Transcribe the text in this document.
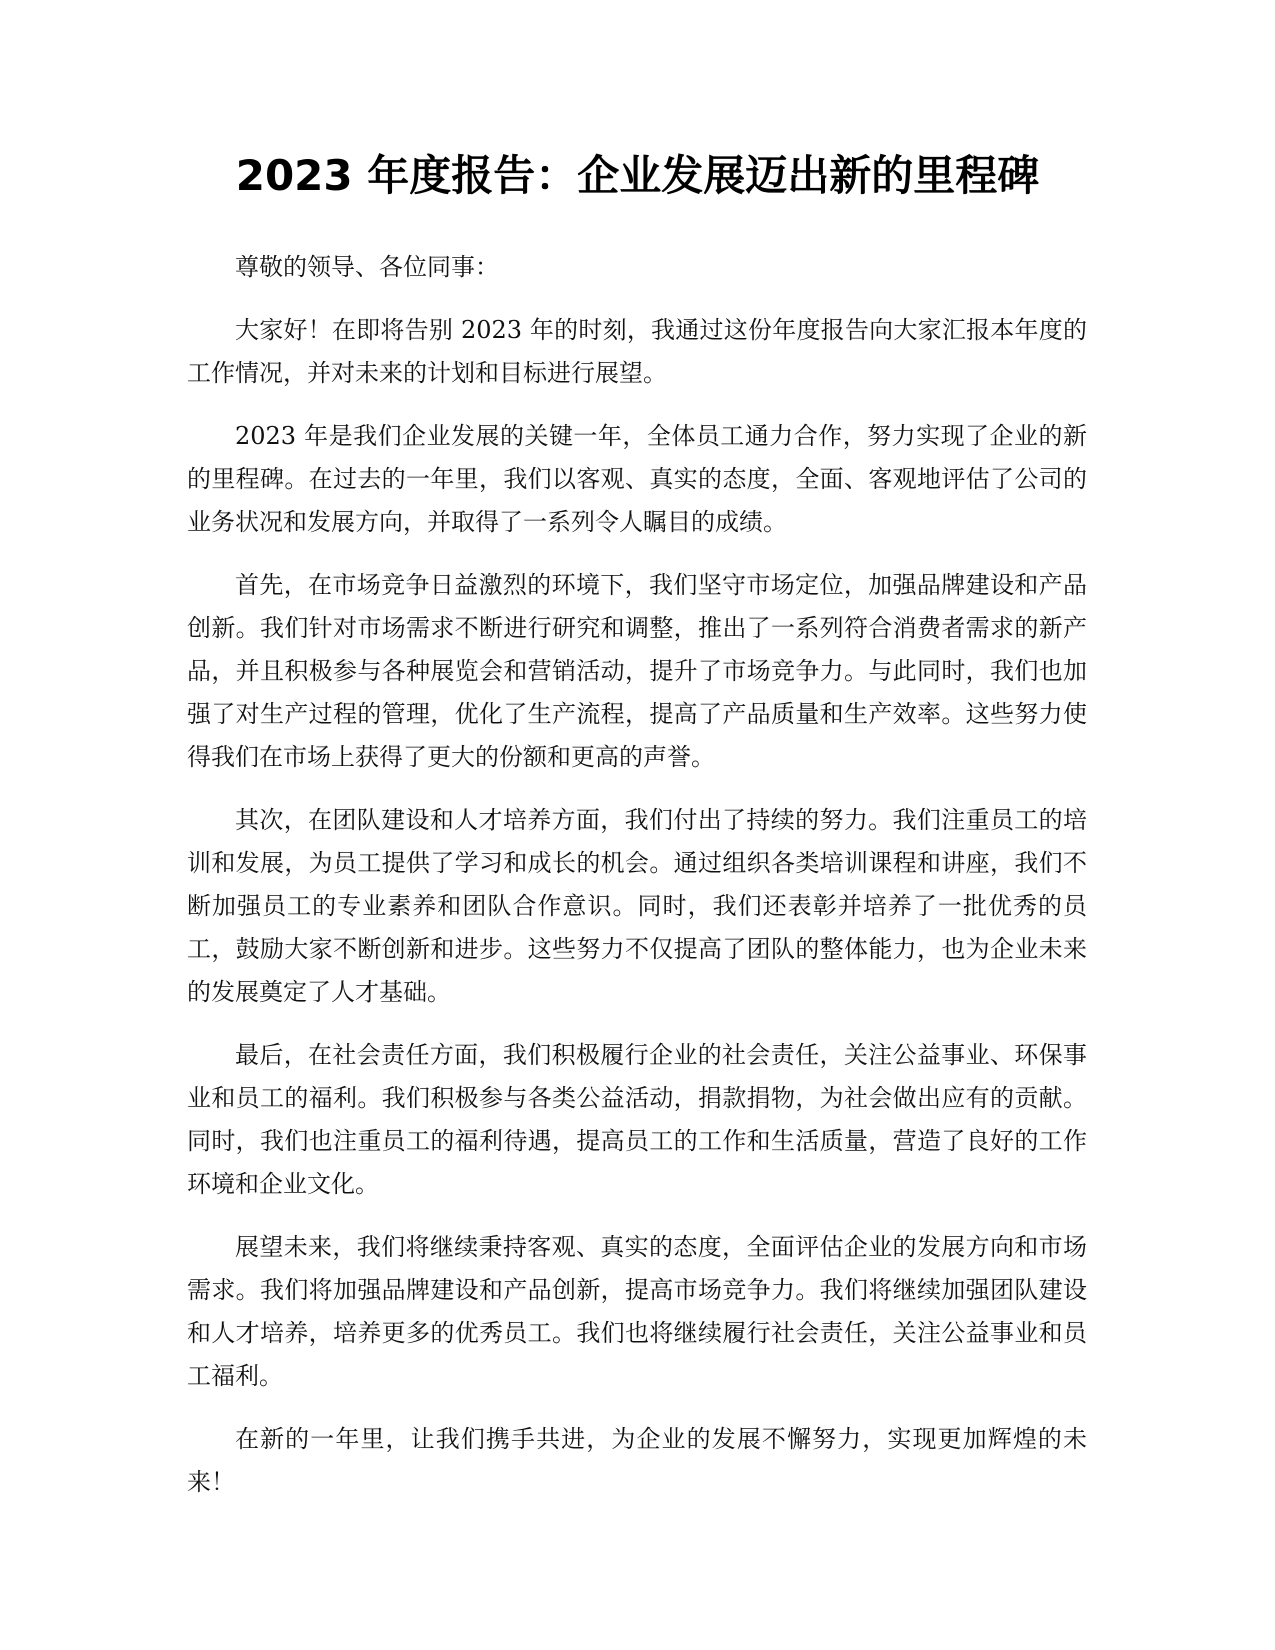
2023 年度报告：企业发展迈出新的里程碑

尊敬的领导、各位同事：

大家好！在即将告别 2023 年的时刻，我通过这份年度报告向大家汇报本年度的工作情况，并对未来的计划和目标进行展望。

2023 年是我们企业发展的关键一年，全体员工通力合作，努力实现了企业的新的里程碑。在过去的一年里，我们以客观、真实的态度，全面、客观地评估了公司的业务状况和发展方向，并取得了一系列令人瞩目的成绩。

首先，在市场竞争日益激烈的环境下，我们坚守市场定位，加强品牌建设和产品创新。我们针对市场需求不断进行研究和调整，推出了一系列符合消费者需求的新产品，并且积极参与各种展览会和营销活动，提升了市场竞争力。与此同时，我们也加强了对生产过程的管理，优化了生产流程，提高了产品质量和生产效率。这些努力使得我们在市场上获得了更大的份额和更高的声誉。

其次，在团队建设和人才培养方面，我们付出了持续的努力。我们注重员工的培训和发展，为员工提供了学习和成长的机会。通过组织各类培训课程和讲座，我们不断加强员工的专业素养和团队合作意识。同时，我们还表彰并培养了一批优秀的员工，鼓励大家不断创新和进步。这些努力不仅提高了团队的整体能力，也为企业未来的发展奠定了人才基础。

最后，在社会责任方面，我们积极履行企业的社会责任，关注公益事业、环保事业和员工的福利。我们积极参与各类公益活动，捐款捐物，为社会做出应有的贡献。同时，我们也注重员工的福利待遇，提高员工的工作和生活质量，营造了良好的工作环境和企业文化。

展望未来，我们将继续秉持客观、真实的态度，全面评估企业的发展方向和市场需求。我们将加强品牌建设和产品创新，提高市场竞争力。我们将继续加强团队建设和人才培养，培养更多的优秀员工。我们也将继续履行社会责任，关注公益事业和员工福利。

在新的一年里，让我们携手共进，为企业的发展不懈努力，实现更加辉煌的未来！
